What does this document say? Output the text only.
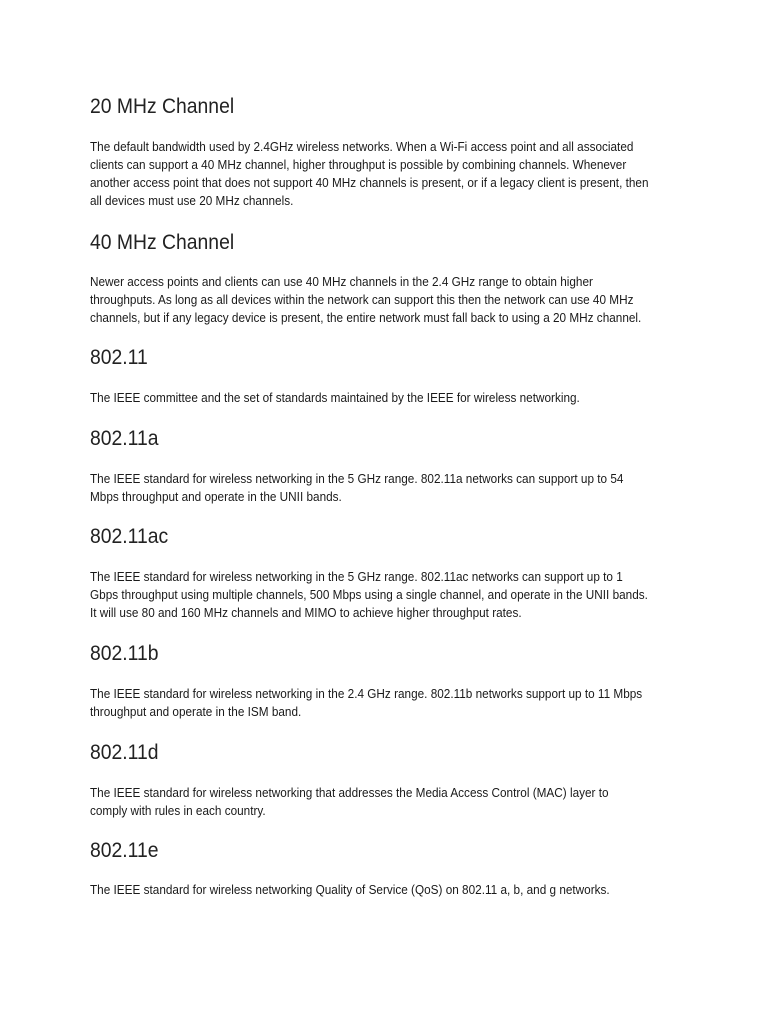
20 MHz Channel

The default bandwidth used by 2.4GHz wireless networks. When a Wi-Fi access point and all associated
clients can support a 40 MHz channel, higher throughput is possible by combining channels. Whenever
another access point that does not support 40 MHz channels is present, or if a legacy client is present, then
all devices must use 20 MHz channels.

40 MHz Channel

Newer access points and clients can use 40 MHz channels in the 2.4 GHz range to obtain higher
throughputs. As long as all devices within the network can support this then the network can use 40 MHz
channels, but if any legacy device is present, the entire network must fall back to using a 20 MHz channel.

802.11

The IEEE committee and the set of standards maintained by the IEEE for wireless networking.

802.11a

The IEEE standard for wireless networking in the 5 GHz range. 802.11a networks can support up to 54
Mbps throughput and operate in the UNII bands.

802.11ac

The IEEE standard for wireless networking in the 5 GHz range. 802.11ac networks can support up to 1
Gbps throughput using multiple channels, 500 Mbps using a single channel, and operate in the UNII bands.
It will use 80 and 160 MHz channels and MIMO to achieve higher throughput rates.

802.11b

The IEEE standard for wireless networking in the 2.4 GHz range. 802.11b networks support up to 11 Mbps
throughput and operate in the ISM band.

802.11d

The IEEE standard for wireless networking that addresses the Media Access Control (MAC) layer to
comply with rules in each country.

802.11e

The IEEE standard for wireless networking Quality of Service (QoS) on 802.11 a, b, and g networks.
